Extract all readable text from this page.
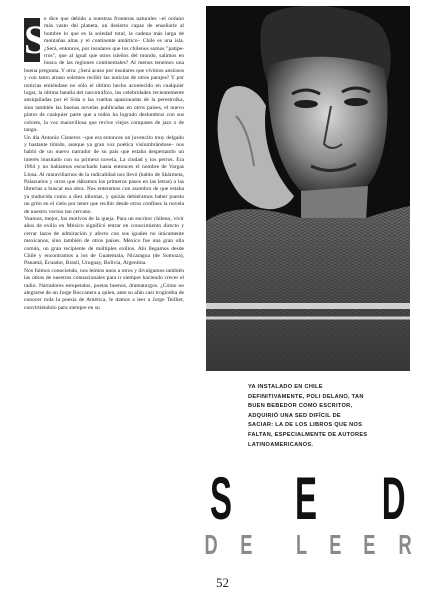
S

e dice que debido a nuestras fronteras naturales –el océano más vasto del planeta, un desierto capaz de enseñarle al hombre lo que es la soledad total, la cadena más larga de montañas altas y el continente antártico– Chile es una isla. ¿Será, entonces, por insulares que los chilenos somos "patipe-rros", que al igual que otros isleños del mundo, salimos en busca de las regiones continentales? Al menos tenemos una buena pregunta. Y otra: ¿Será acaso por insulares que vivimos ansiosos y con tanto atraso solemos recibir las noticias de otros parajes? Y por noticias entiéndase no sólo el último hecho acontecido en cualquier lugar, la última batalla del narcotráfico, las celebridades recientemente ansiquiladas por el Sida o las vueltas apasionadas de la perestroika, sino también las buenas novelas publicadas en otros países, el nuevo pintor de cualquier parte que a todos ha logrado deslumbrar con sus colores, la voz maravillosa que revive viejos compases de jazz o de tango.

Un día Antonio Cisneros –que era entonces un jovencito muy delgado y bastante tímido, aunque ya gran voz poética vislumbrándose– nos habló de un nuevo narrador de su país que estaba despertando un interés inusitado con su primera novela, La ciudad y los perros. Era 1964 y no habíamos escuchado hasta entonces el nombre de Vargas Llosa. Al maravillarnos de la radicalidad nos llevó (hablo de Skármeta, Palazuelos y otros que dábamos los primeros pasos en las letras) a las librerías a buscar esa obra. Nos enteramos con asombro de que estaba ya traducida como a diez idiomas, y quizás debiéramos haber puesto un grito en el cielo por tener que recibir desde otros confines la novela de nuestro vecino tan cercano.

Veamos, mejor, los motivos de la queja. Para un escritor chileno, vivir años de exilio en México significó entrar en conocimiento directo y cerrar lazos de admiración y afecto con sus iguales no únicamente mexicanos, sino también de otros países. México fue una gran olla común, un gran recipiente de múltiples exilios. Ahí llegamos desde Chile y encontramos a los de Guatemala, Nicaragua (de Somoza), Panamá, Ecuador, Brasil, Uruguay, Bolivia, Argentina.

Nos fuimos conociendo, nos leímos unos a otros y divulgamos también las obras de nuestros connacionales para ir siempre haciendo crecer el radio. Narradores estupendos, poetas buenos, dramaturgos. ¿Cómo no alegrarse de un Jorge Boccanera a quien, ante su afán casi troglodita de conocer toda la poesía de América, le damos a leer a Jorge Teillier, convirtiéndolo para siempre en su

YA INSTALADO EN CHILE DEFINITIVAMENTE, POLI DELANO, TAN BUEN BEBEDOR COMO ESCRITOR, ADQUIRIÓ UNA SED DIFÍCIL DE SACIAR: LA DE LOS LIBROS QUE NOS FALTAN, ESPECIALMENTE DE AUTORES LATINOAMERICANOS.
S E D
D E L E E R
52
